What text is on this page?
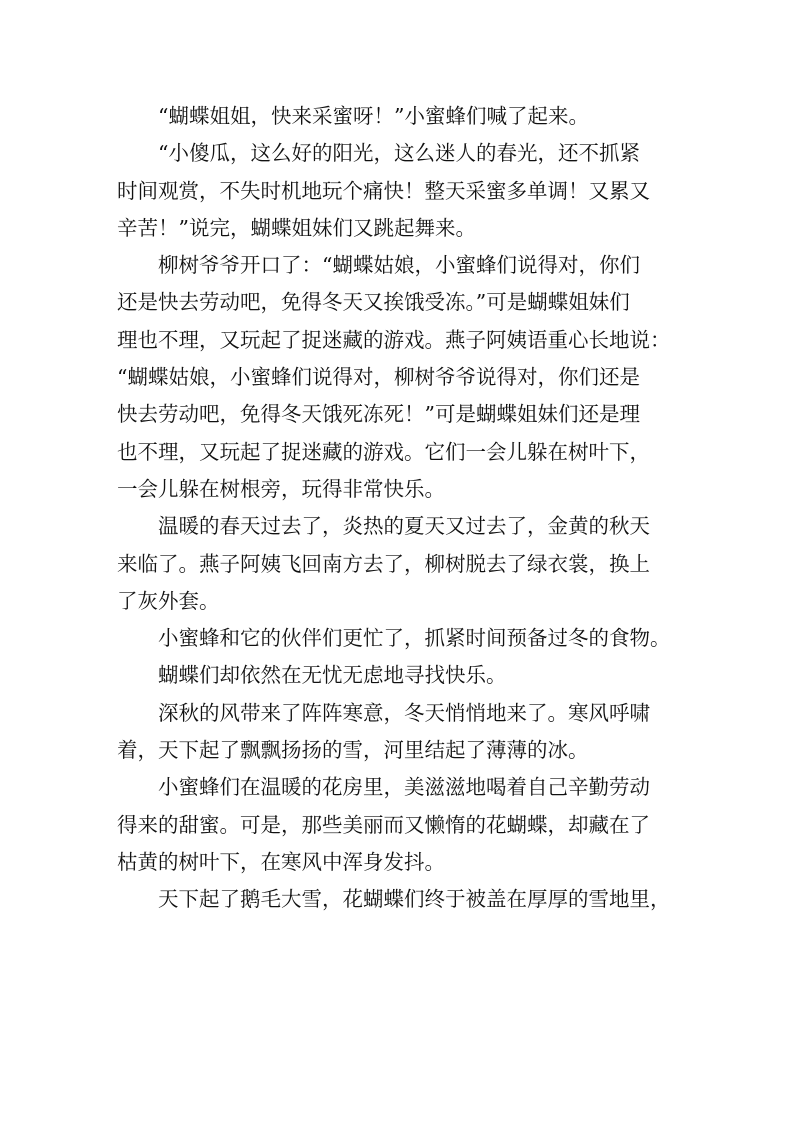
“蝴蝶姐姐，快来采蜜呀！”小蜜蜂们喊了起来。

“小傻瓜，这么好的阳光，这么迷人的春光，还不抓紧
时间观赏，不失时机地玩个痛快！整天采蜜多单调！又累又
辛苦！”说完，蝴蝶姐妹们又跳起舞来。

柳树爷爷开口了：“蝴蝶姑娘，小蜜蜂们说得对，你们
还是快去劳动吧，免得冬天又挨饿受冻。”可是蝴蝶姐妹们
理也不理，又玩起了捉迷藏的游戏。燕子阿姨语重心长地说：
“蝴蝶姑娘，小蜜蜂们说得对，柳树爷爷说得对，你们还是
快去劳动吧，免得冬天饿死冻死！”可是蝴蝶姐妹们还是理
也不理，又玩起了捉迷藏的游戏。它们一会儿躲在树叶下，
一会儿躲在树根旁，玩得非常快乐。

温暖的春天过去了，炎热的夏天又过去了，金黄的秋天
来临了。燕子阿姨飞回南方去了，柳树脱去了绿衣裳，换上
了灰外套。

小蜜蜂和它的伙伴们更忙了，抓紧时间预备过冬的食物。

蝴蝶们却依然在无忧无虑地寻找快乐。

深秋的风带来了阵阵寒意，冬天悄悄地来了。寒风呼啸
着，天下起了飘飘扬扬的雪，河里结起了薄薄的冰。

小蜜蜂们在温暖的花房里，美滋滋地喝着自己辛勤劳动
得来的甜蜜。可是，那些美丽而又懒惰的花蝴蝶，却藏在了
枯黄的树叶下，在寒风中浑身发抖。

天下起了鹅毛大雪，花蝴蝶们终于被盖在厚厚的雪地里，
